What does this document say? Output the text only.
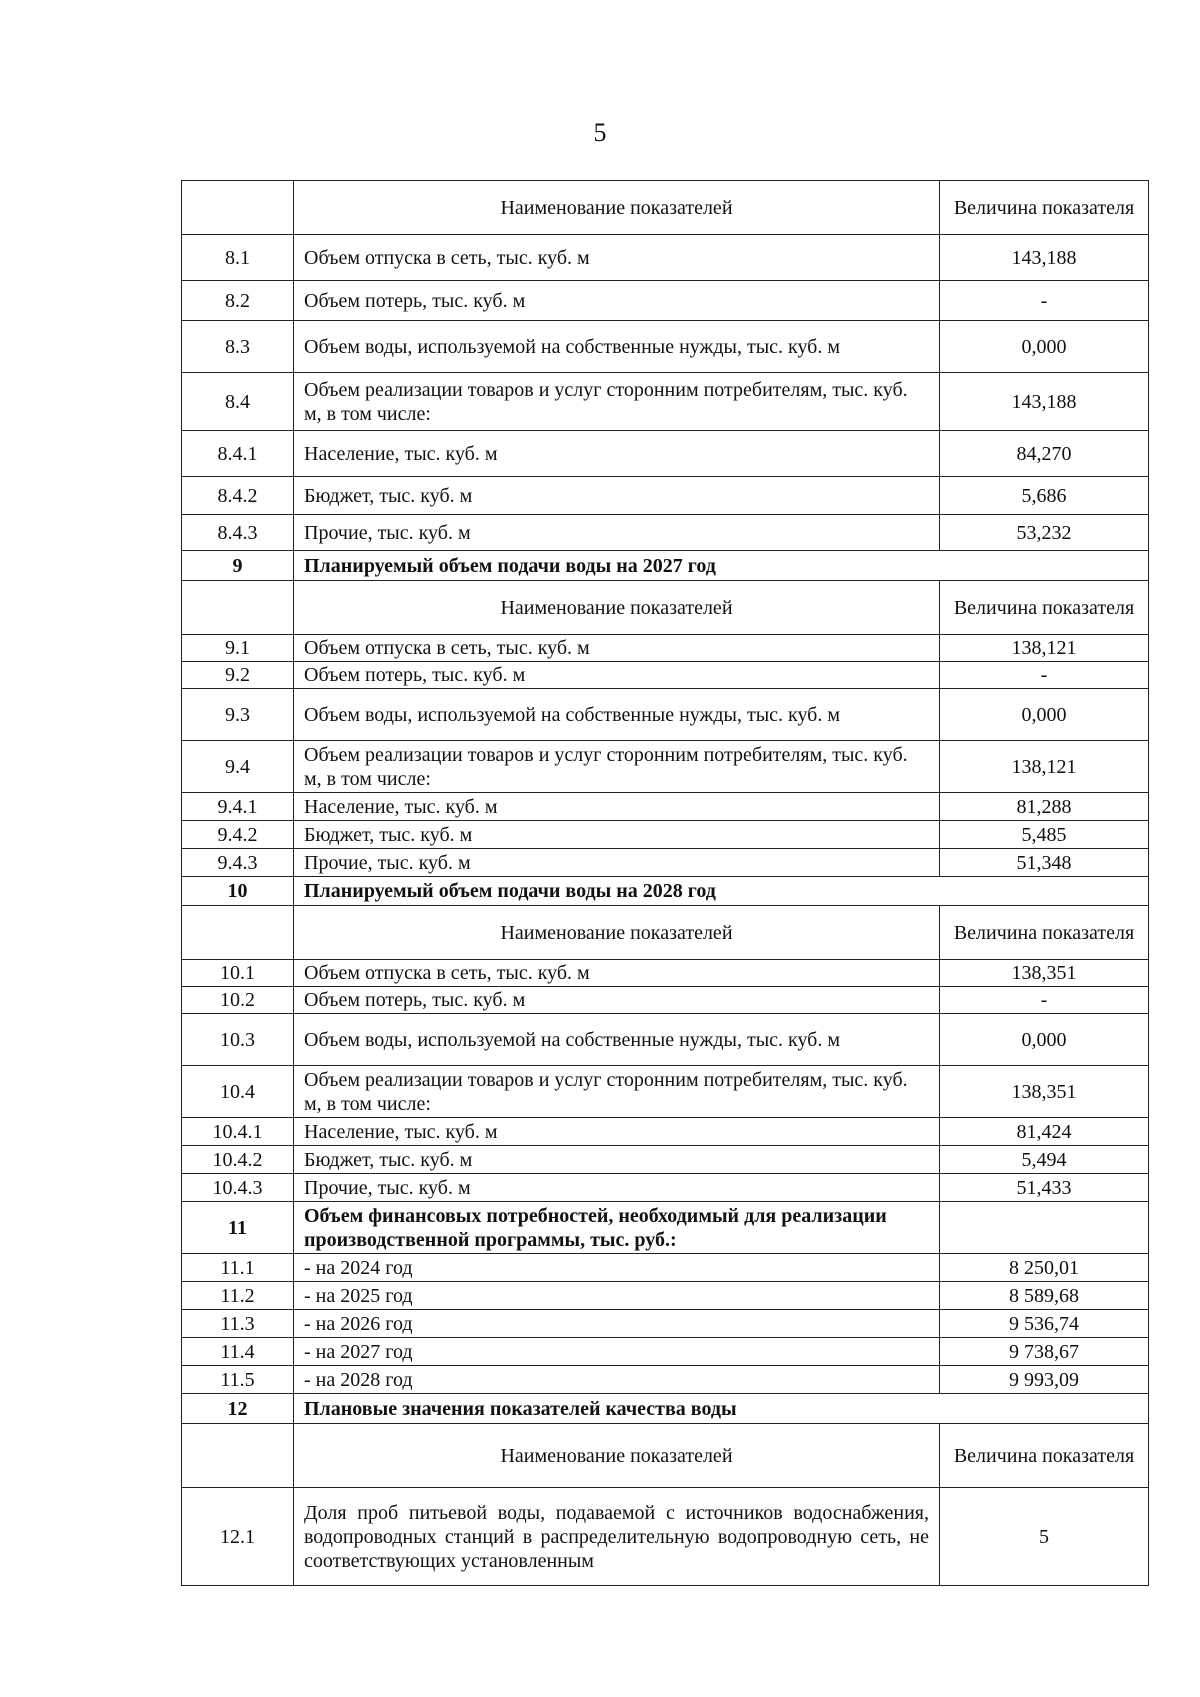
5
	Наименование показателей	Величина показателя
8.1	Объем отпуска в сеть, тыс. куб. м	143,188
8.2	Объем потерь, тыс. куб. м	-
8.3	Объем воды, используемой на собственные нужды, тыс. куб. м	0,000
8.4	Объем реализации товаров и услуг сторонним потребителям, тыс. куб. м, в том числе:	143,188
8.4.1	Население, тыс. куб. м	84,270
8.4.2	Бюджет, тыс. куб. м	5,686
8.4.3	Прочие, тыс. куб. м	53,232
9	Планируемый объем подачи воды на 2027 год	
	Наименование показателей	Величина показателя
9.1	Объем отпуска в сеть, тыс. куб. м	138,121
9.2	Объем потерь, тыс. куб. м	-
9.3	Объем воды, используемой на собственные нужды, тыс. куб. м	0,000
9.4	Объем реализации товаров и услуг сторонним потребителям, тыс. куб. м, в том числе:	138,121
9.4.1	Население, тыс. куб. м	81,288
9.4.2	Бюджет, тыс. куб. м	5,485
9.4.3	Прочие, тыс. куб. м	51,348
10	Планируемый объем подачи воды на 2028 год	
	Наименование показателей	Величина показателя
10.1	Объем отпуска в сеть, тыс. куб. м	138,351
10.2	Объем потерь, тыс. куб. м	-
10.3	Объем воды, используемой на собственные нужды, тыс. куб. м	0,000
10.4	Объем реализации товаров и услуг сторонним потребителям, тыс. куб. м, в том числе:	138,351
10.4.1	Население, тыс. куб. м	81,424
10.4.2	Бюджет, тыс. куб. м	5,494
10.4.3	Прочие, тыс. куб. м	51,433
11	Объем финансовых потребностей, необходимый для реализации производственной программы, тыс. руб.:	
11.1	- на 2024 год	8 250,01
11.2	- на 2025 год	8 589,68
11.3	- на 2026 год	9 536,74
11.4	- на 2027 год	9 738,67
11.5	- на 2028 год	9 993,09
12	Плановые значения показателей качества воды	
	Наименование показателей	Величина показателя
12.1	Доля проб питьевой воды, подаваемой с источников водоснабжения, водопроводных станций в распределительную водопроводную сеть, не соответствующих установленным	5
